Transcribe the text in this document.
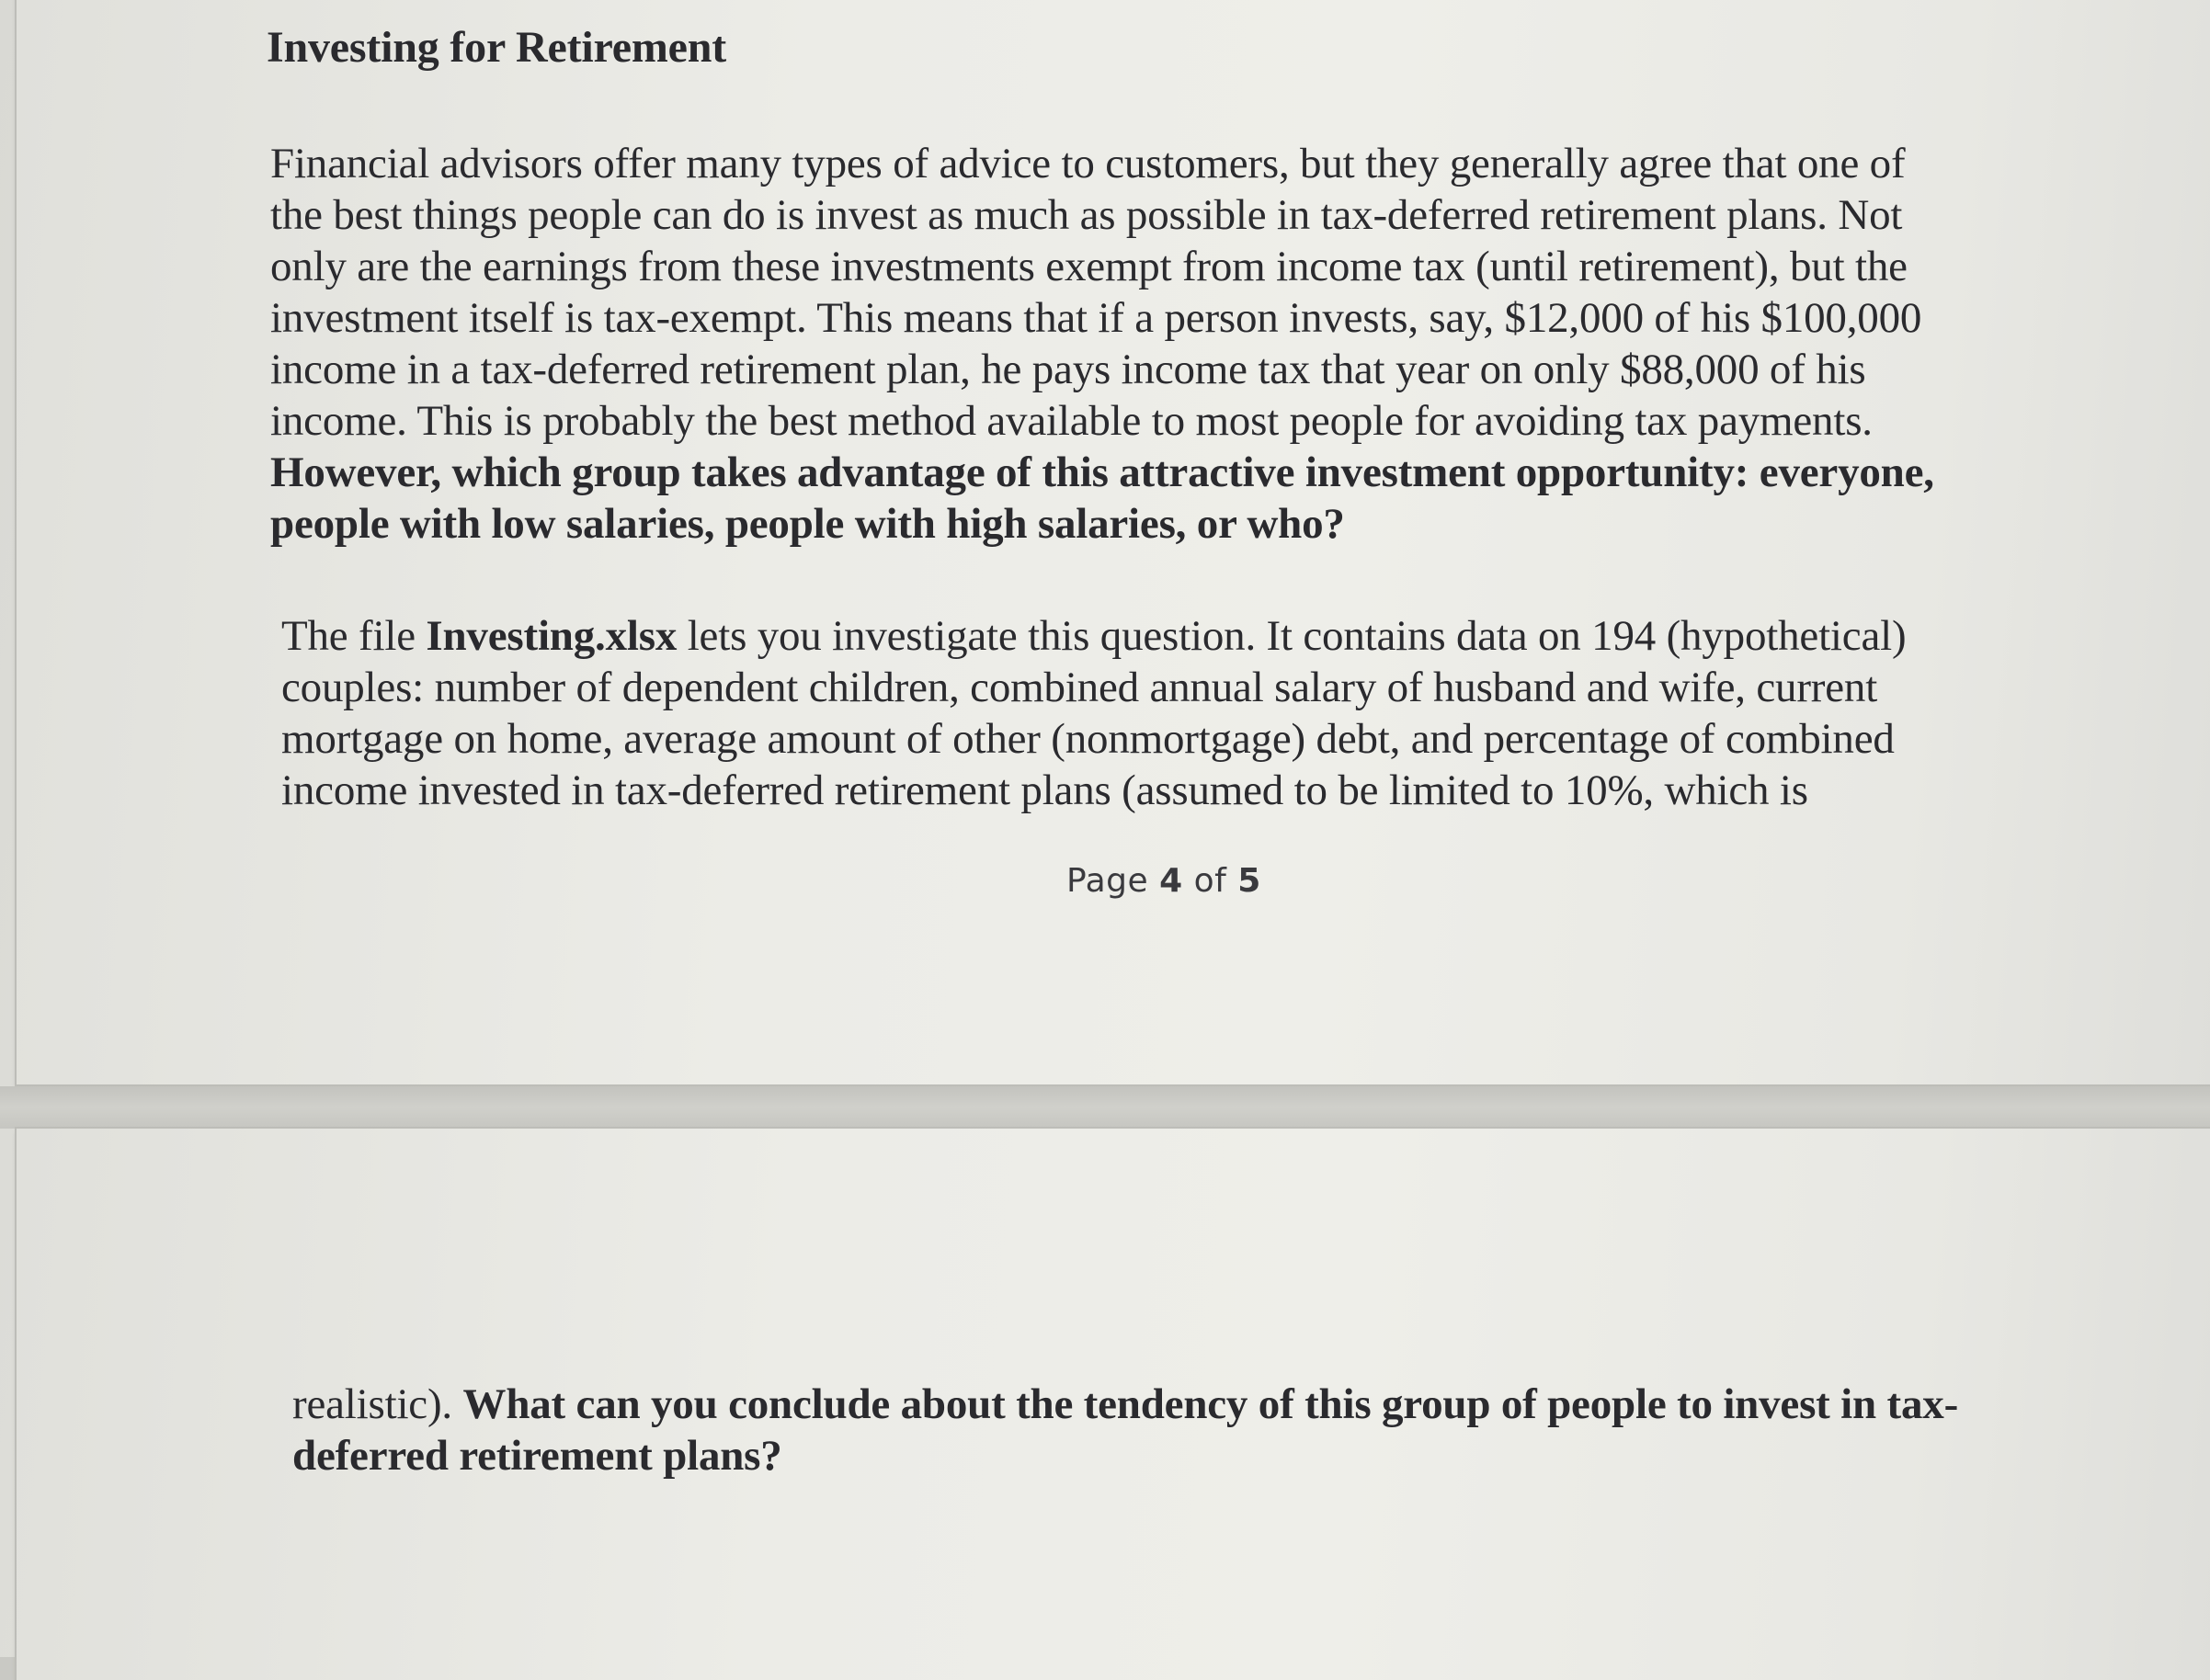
Investing for Retirement
Financial advisors offer many types of advice to customers, but they generally agree that one of
the best things people can do is invest as much as possible in tax-deferred retirement plans. Not
only are the earnings from these investments exempt from income tax (until retirement), but the
investment itself is tax-exempt. This means that if a person invests, say, $12,000 of his $100,000
income in a tax-deferred retirement plan, he pays income tax that year on only $88,000 of his
income. This is probably the best method available to most people for avoiding tax payments.
However, which group takes advantage of this attractive investment opportunity: everyone,
people with low salaries, people with high salaries, or who?
The file Investing.xlsx lets you investigate this question. It contains data on 194 (hypothetical)
couples: number of dependent children, combined annual salary of husband and wife, current
mortgage on home, average amount of other (nonmortgage) debt, and percentage of combined
income invested in tax-deferred retirement plans (assumed to be limited to 10%, which is
Page 4 of 5
realistic). What can you conclude about the tendency of this group of people to invest in tax-
deferred retirement plans?
